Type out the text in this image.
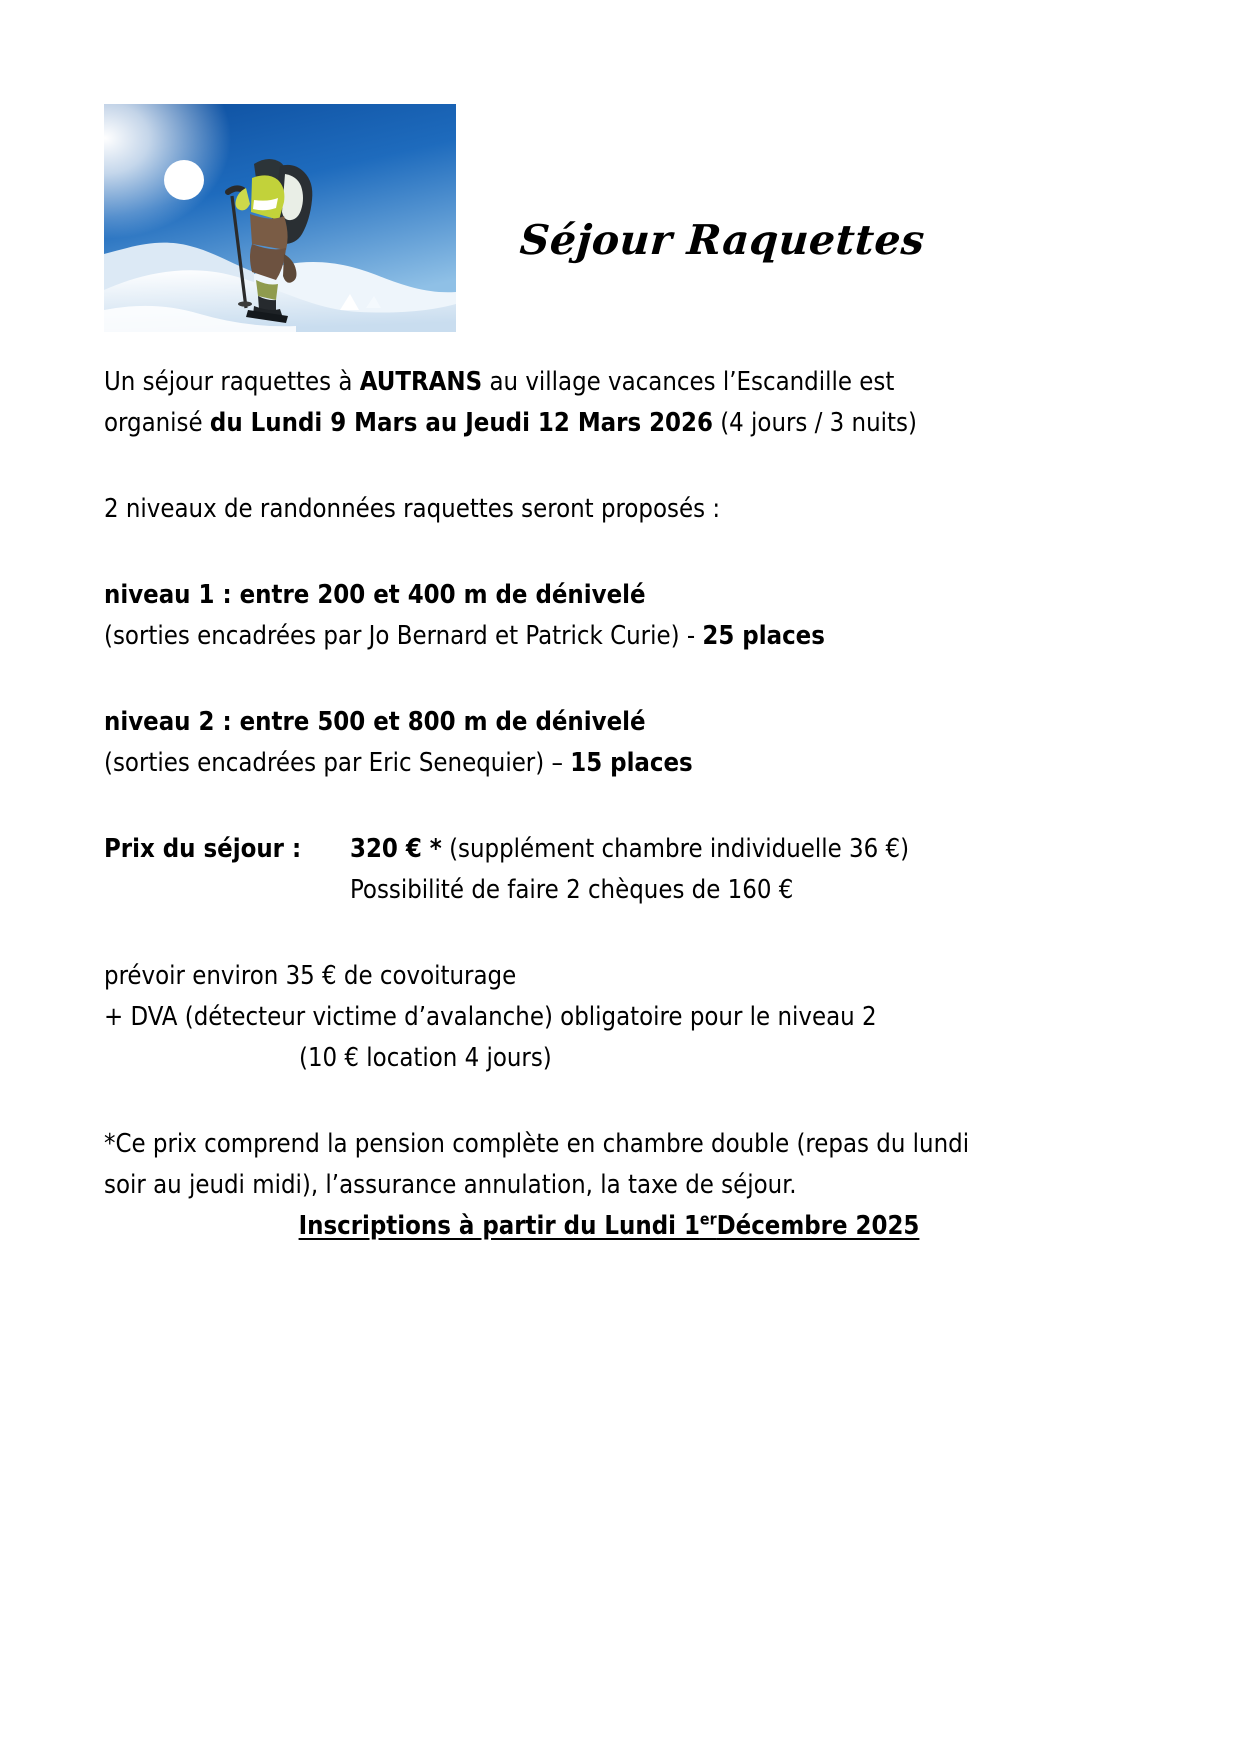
Séjour Raquettes

Un séjour raquettes à AUTRANS au village vacances l’Escandille est

organisé du Lundi 9 Mars au Jeudi 12 Mars 2026 (4 jours / 3 nuits)

2 niveaux de randonnées raquettes seront proposés :

niveau 1 : entre 200 et 400 m de dénivelé

(sorties encadrées par Jo Bernard et Patrick Curie) - 25 places

niveau 2 : entre 500 et 800 m de dénivelé

(sorties encadrées par Eric Senequier) – 15 places

Prix du séjour : 320 € * (supplément chambre individuelle 36 €)

Possibilité de faire 2 chèques de 160 €

prévoir environ 35 € de covoiturage

+ DVA (détecteur victime d’avalanche) obligatoire pour le niveau 2

(10 € location 4 jours)

*Ce prix comprend la pension complète en chambre double (repas du lundi

soir au jeudi midi), l’assurance annulation, la taxe de séjour.

Inscriptions à partir du Lundi 1erDécembre 2025
